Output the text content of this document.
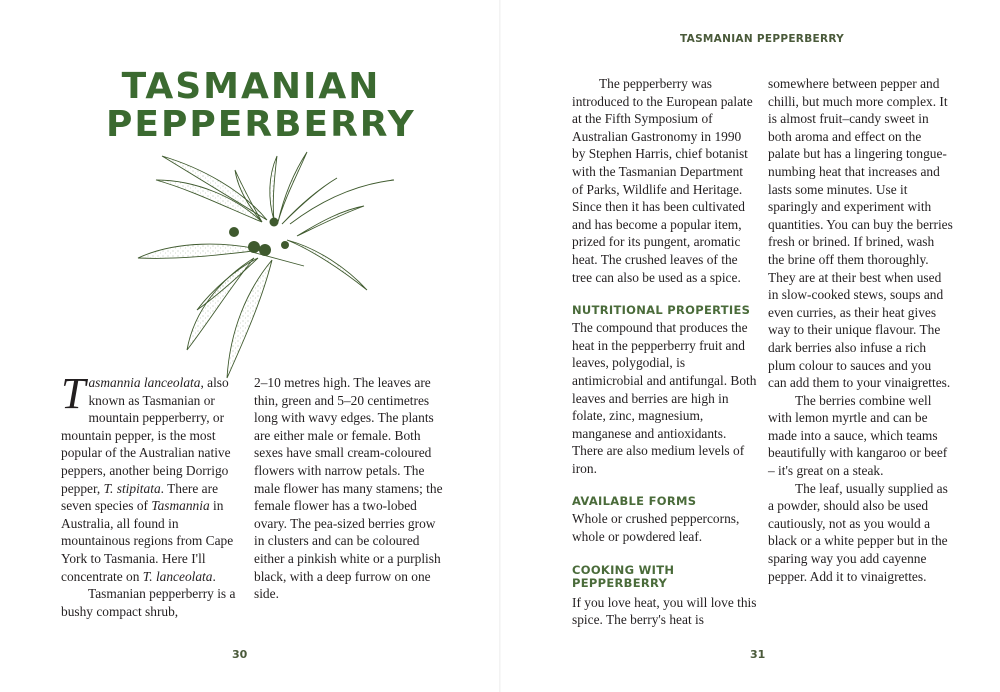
TASMANIAN
PEPPERBERRY

Tasmannia lanceolata, also known as Tasmanian or mountain pepperberry, or mountain pepper, is the most popular of the Australian native peppers, another being Dorrigo pepper, T. stipitata. There are seven species of Tasmannia in Australia, all found in mountainous regions from Cape York to Tasmania. Here I'll concentrate on T. lanceolata.

Tasmanian pepperberry is a bushy compact shrub,

2–10 metres high. The leaves are thin, green and 5–20 centimetres long with wavy edges. The plants are either male or female. Both sexes have small cream-coloured flowers with narrow petals. The male flower has many stamens; the female flower has a two-lobed ovary. The pea-sized berries grow in clusters and can be coloured either a pinkish white or a purplish black, with a deep furrow on one side.

30
TASMANIAN PEPPERBERRY

The pepperberry was introduced to the European palate at the Fifth Symposium of Australian Gastronomy in 1990 by Stephen Harris, chief botanist with the Tasmanian Department of Parks, Wildlife and Heritage. Since then it has been cultivated and has become a popular item, prized for its pungent, aromatic heat. The crushed leaves of the tree can also be used as a spice.

NUTRITIONAL PROPERTIES

The compound that produces the heat in the pepperberry fruit and leaves, polygodial, is antimicrobial and antifungal. Both leaves and berries are high in folate, zinc, magnesium, manganese and antioxidants. There are also medium levels of iron.

AVAILABLE FORMS

Whole or crushed peppercorns, whole or powdered leaf.

COOKING WITH PEPPERBERRY

If you love heat, you will love this spice. The berry's heat is

somewhere between pepper and chilli, but much more complex. It is almost fruit–candy sweet in both aroma and effect on the palate but has a lingering tongue-numbing heat that increases and lasts some minutes. Use it sparingly and experiment with quantities. You can buy the berries fresh or brined. If brined, wash the brine off them thoroughly. They are at their best when used in slow-cooked stews, soups and even curries, as their heat gives way to their unique flavour. The dark berries also infuse a rich plum colour to sauces and you can add them to your vinaigrettes.

The berries combine well with lemon myrtle and can be made into a sauce, which teams beautifully with kangaroo or beef – it's great on a steak.

The leaf, usually supplied as a powder, should also be used cautiously, not as you would a black or a white pepper but in the sparing way you add cayenne pepper. Add it to vinaigrettes.

31
